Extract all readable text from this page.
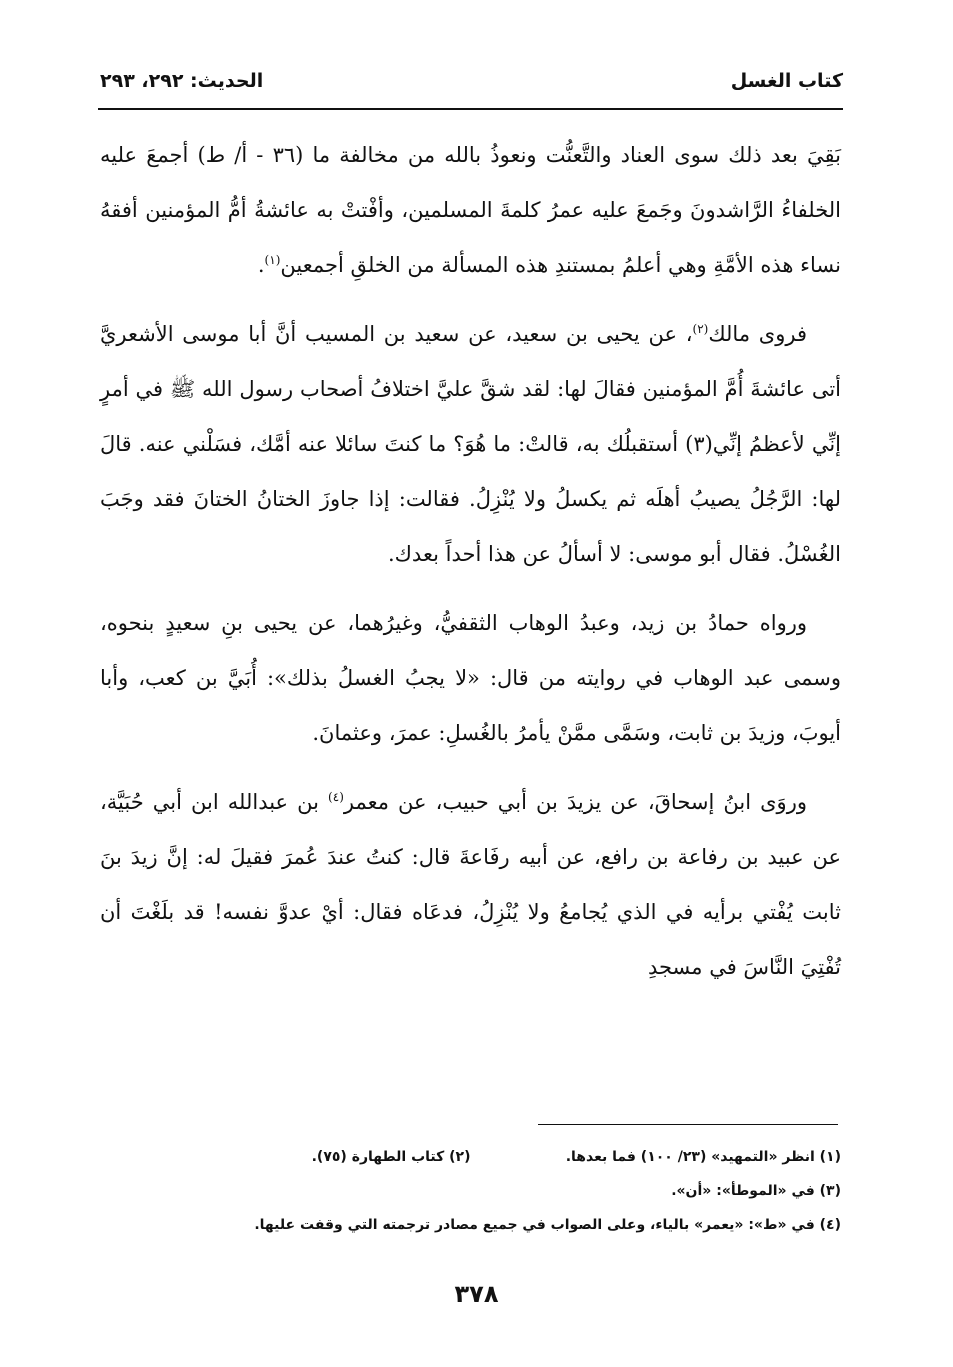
الحديث: ٢٩٢، ٢٩٣	كتاب الغسل

بَقِيَ بعد ذلك سوى العناد والتَّعنُّت ونعوذُ بالله من مخالفة ما (٣٦ - أ/ ط) أجمعَ عليه الخلفاءُ الرَّاشدونَ وجَمعَ عليه عمرُ كلمةَ المسلمين، وأفْتتْ به عائشةُ أمُّ المؤمنين أفقهُ نساء هذه الأمَّةِ وهي أعلمُ بمستندِ هذه المسألة من الخلقِ أجمعين$^{(١)}$.

فروى مالك$^{(٢)}$، عن يحيى بن سعيد، عن سعيد بن المسيب أنَّ أبا موسى الأشعريَّ أتى عائشةَ أُمَّ المؤمنين فقالَ لها: لقد شقَّ عليَّ اختلافُ أصحاب رسول الله ﷺ في أمرٍ إنِّي لأعظمُ إنِّي(٣) أستقبلُك به، قالتْ: ما هُوَ؟ ما كنتَ سائلا عنه أمَّك، فسَلْني عنه. قالَ لها: الرَّجُلُ يصيبُ أهلَه ثم يكسلُ ولا يُنْزِلُ. فقالت: إذا جاوزَ الختانُ الختانَ فقد وجَبَ الغُسْلُ. فقال أبو موسى: لا أسألُ عن هذا أحداً بعدك.

ورواه حمادُ بن زيد، وعبدُ الوهاب الثقفيُّ، وغيرُهما، عن يحيى بنِ سعيدٍ بنحوه، وسمى عبد الوهاب في روايته من قال: «لا يجبُ الغسلُ بذلك»: أُبَيَّ بن كعب، وأبا أيوبَ، وزيدَ بن ثابت، وسَمَّى ممَّنْ يأمرُ بالغُسلِ: عمرَ، وعثمانَ.

وروَى ابنُ إسحاقَ، عن يزيدَ بن أبي حبيب، عن معمر$^{(٤)}$ بن عبدالله ابن أبي حُبَيَّة، عن عبيد بن رفاعة بن رافع، عن أبيه رفَاعةَ قال: كنتُ عندَ عُمرَ فقيلَ له: إنَّ زيدَ بنَ ثابت يُفْتي برأيه في الذي يُجامعُ ولا يُنْزِلُ، فدعَاه فقال: أيْ عدوَّ نفسه! قد بلَغْتَ أن تُفْتِيَ النَّاسَ في مسجدِ

(١) انظر «التمهيد» (٢٣/ ١٠٠) فما بعدها.
(٢) كتاب الطهارة (٧٥).
(٣) في «الموطأ»: «أن».
(٤) في «ط»: «يعمر» بالياء، وعلى الصواب في جميع مصادر ترجمته التي وقفت عليها.
٣٧٨
